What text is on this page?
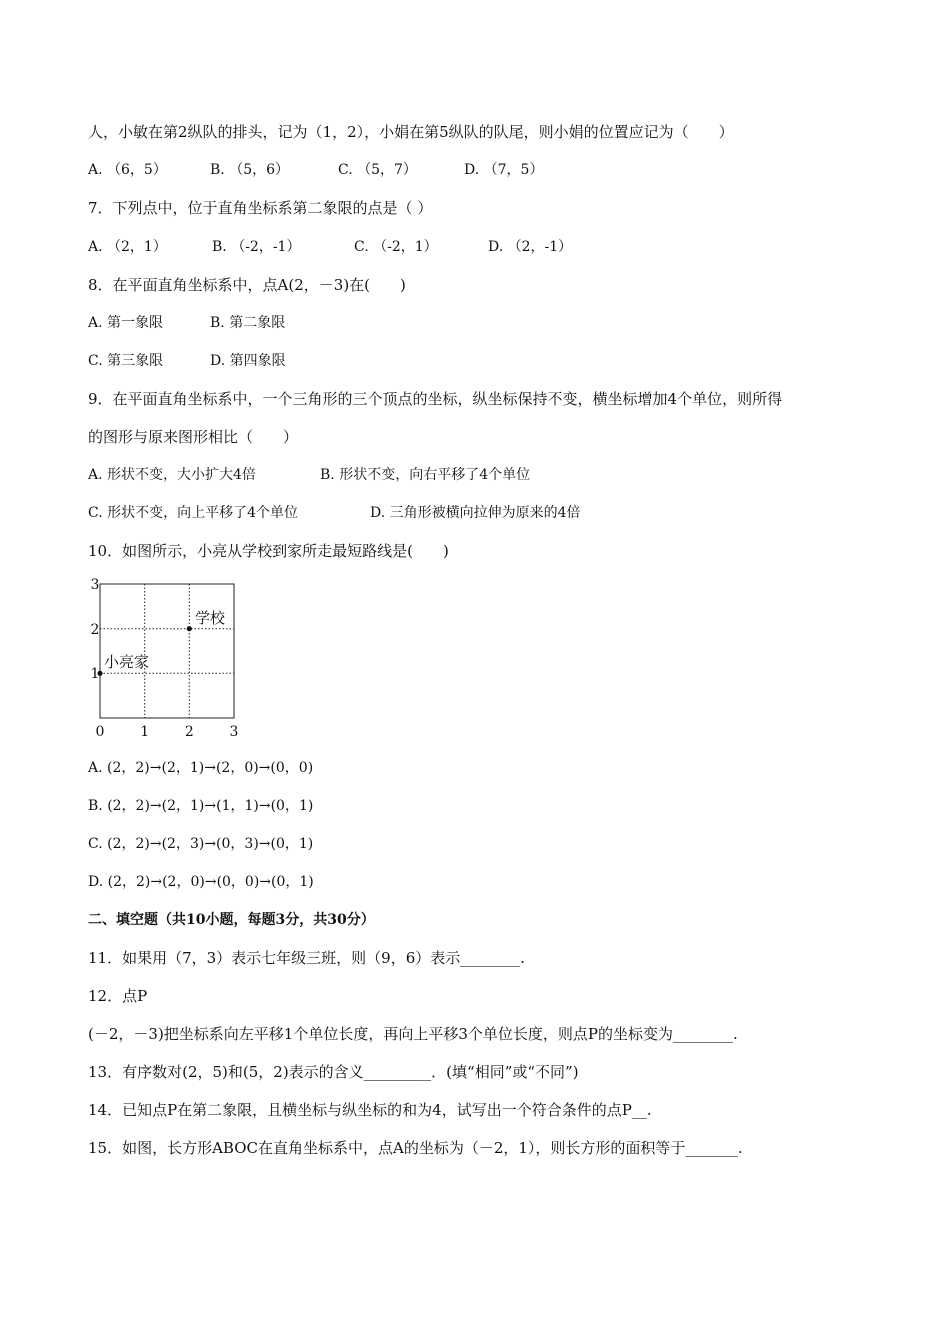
人，小敏在第2纵队的排头，记为（1，2），小娟在第5纵队的队尾，则小娟的位置应记为（　　）
A. （6，5）	B. （5，6）	C. （5，7）	D. （7，5）
7．下列点中，位于直角坐标系第二象限的点是（ ）
A. （2，1）	B. （-2，-1）	C. （-2，1）	D. （2，-1）
8．在平面直角坐标系中，点A(2，－3)在(　　)
A. 第一象限	B. 第二象限
C. 第三象限	D. 第四象限
9．在平面直角坐标系中，一个三角形的三个顶点的坐标，纵坐标保持不变，横坐标增加4个单位，则所得
的图形与原来图形相比（　　）
A. 形状不变，大小扩大4倍	B. 形状不变，向右平移了4个单位
C. 形状不变，向上平移了4个单位	D. 三角形被横向拉伸为原来的4倍
10．如图所示，小亮从学校到家所走最短路线是(　　)
学校
小亮家
0	1	2	3
1
2
3
A. (2，2)→(2，1)→(2，0)→(0，0)
B. (2，2)→(2，1)→(1，1)→(0，1)
C. (2，2)→(2，3)→(0，3)→(0，1)
D. (2，2)→(2，0)→(0，0)→(0，1)
二、填空题（共10小题，每题3分，共30分）
11．如果用（7，3）表示七年级三班，则（9，6）表示________.
12．点P
(－2，－3)把坐标系向左平移1个单位长度，再向上平移3个单位长度，则点P的坐标变为________.
13．有序数对(2，5)和(5，2)表示的含义_________．(填“相同”或“不同”)
14．已知点P在第二象限，且横坐标与纵坐标的和为4，试写出一个符合条件的点P__.
15．如图，长方形ABOC在直角坐标系中，点A的坐标为（－2，1），则长方形的面积等于_______.
